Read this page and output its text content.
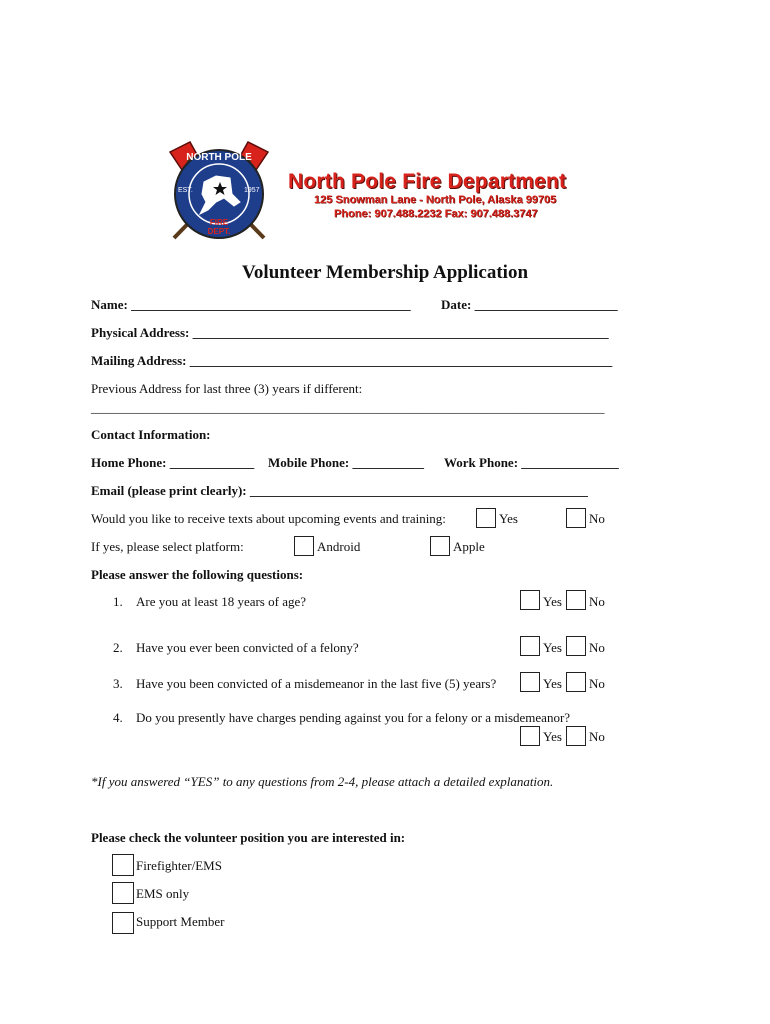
NORTH POLE
EST.	1957
FIRE
DEPT.
North Pole Fire Department
125 Snowman Lane - North Pole, Alaska 99705
Phone: 907.488.2232 Fax: 907.488.3747
Volunteer Membership Application
Name: ___________________________________________ Date: ______________________
Physical Address: ________________________________________________________________
Mailing Address: _________________________________________________________________
Previous Address for last three (3) years if different:
_______________________________________________________________________________
Contact Information:
Home Phone: _____________ Mobile Phone: ___________ Work Phone: _______________
Email (please print clearly): ____________________________________________________
Would you like to receive texts about upcoming events and training:	Yes	No
If yes, please select platform:	Android	Apple
Please answer the following questions:
1. Are you at least 18 years of age?	Yes No
2. Have you ever been convicted of a felony?	Yes No
3. Have you been convicted of a misdemeanor in the last five (5) years?	Yes No
4. Do you presently have charges pending against you for a felony or a misdemeanor?
Yes No
*If you answered “YES” to any questions from 2-4, please attach a detailed explanation.
Please check the volunteer position you are interested in:
Firefighter/EMS
EMS only
Support Member
